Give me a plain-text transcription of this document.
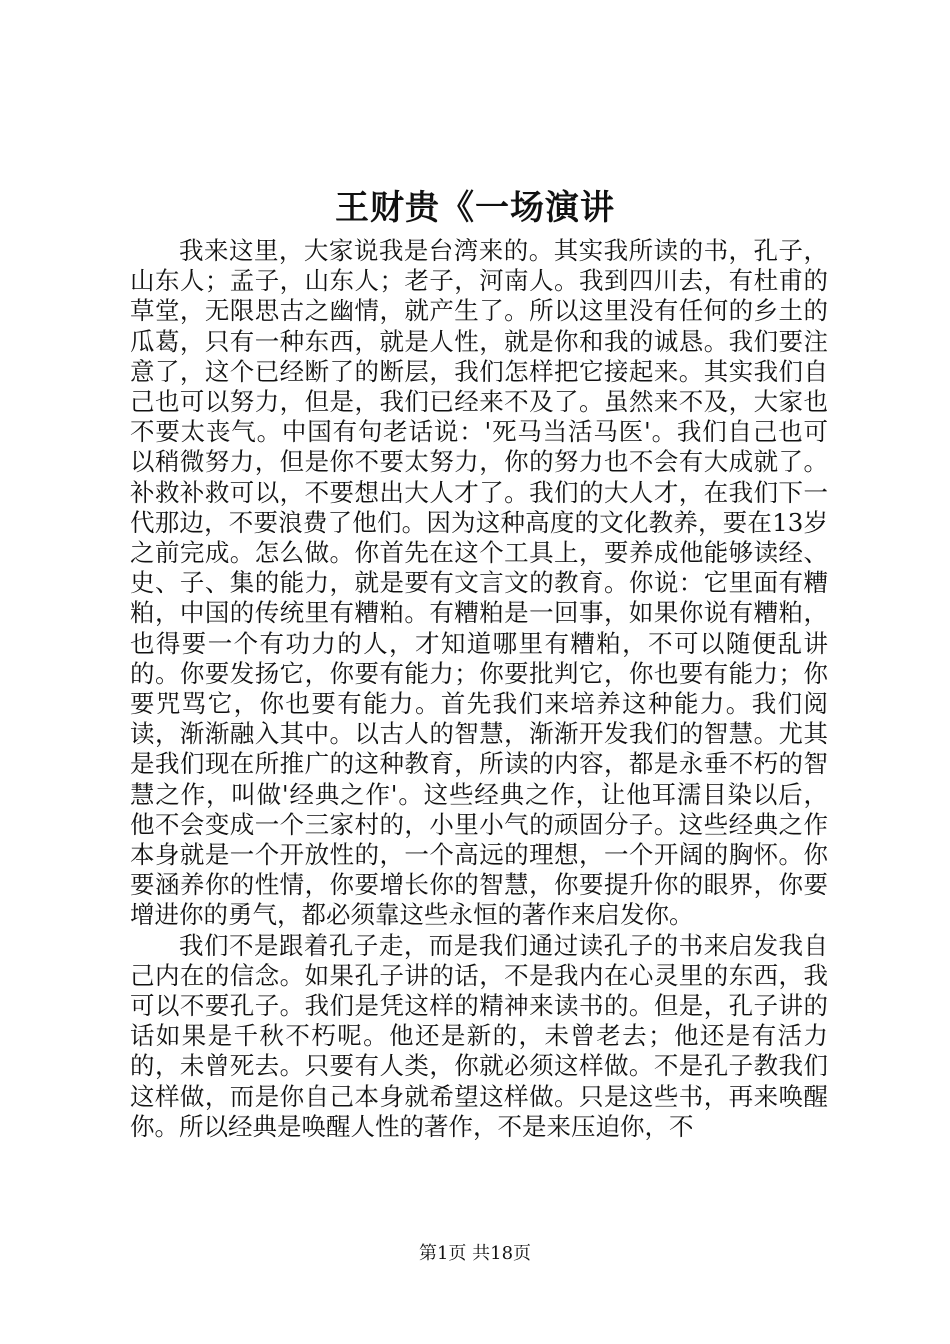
王财贵《一场演讲

我来这里，大家说我是台湾来的。其实我所读的书，孔子，山东人；孟子，山东人；老子，河南人。我到四川去，有杜甫的草堂，无限思古之幽情，就产生了。所以这里没有任何的乡土的瓜葛，只有一种东西，就是人性，就是你和我的诚恳。我们要注意了，这个已经断了的断层，我们怎样把它接起来。其实我们自己也可以努力，但是，我们已经来不及了。虽然来不及，大家也不要太丧气。中国有句老话说：'死马当活马医'。我们自己也可以稍微努力，但是你不要太努力，你的努力也不会有大成就了。补救补救可以，不要想出大人才了。我们的大人才，在我们下一代那边，不要浪费了他们。因为这种高度的文化教养，要在13岁之前完成。怎么做。你首先在这个工具上，要养成他能够读经、史、子、集的能力，就是要有文言文的教育。你说：它里面有糟粕，中国的传统里有糟粕。有糟粕是一回事，如果你说有糟粕，也得要一个有功力的人，才知道哪里有糟粕，不可以随便乱讲的。你要发扬它，你要有能力；你要批判它，你也要有能力；你要咒骂它，你也要有能力。首先我们来培养这种能力。我们阅读，渐渐融入其中。以古人的智慧，渐渐开发我们的智慧。尤其是我们现在所推广的这种教育，所读的内容，都是永垂不朽的智慧之作，叫做'经典之作'。这些经典之作，让他耳濡目染以后，他不会变成一个三家村的，小里小气的顽固分子。这些经典之作本身就是一个开放性的，一个高远的理想，一个开阔的胸怀。你要涵养你的性情，你要增长你的智慧，你要提升你的眼界，你要增进你的勇气，都必须靠这些永恒的著作来启发你。

我们不是跟着孔子走，而是我们通过读孔子的书来启发我自己内在的信念。如果孔子讲的话，不是我内在心灵里的东西，我可以不要孔子。我们是凭这样的精神来读书的。但是，孔子讲的话如果是千秋不朽呢。他还是新的，未曾老去；他还是有活力的，未曾死去。只要有人类，你就必须这样做。不是孔子教我们这样做，而是你自己本身就希望这样做。只是这些书，再来唤醒你。所以经典是唤醒人性的著作，不是来压迫你，不

第1页 共18页
